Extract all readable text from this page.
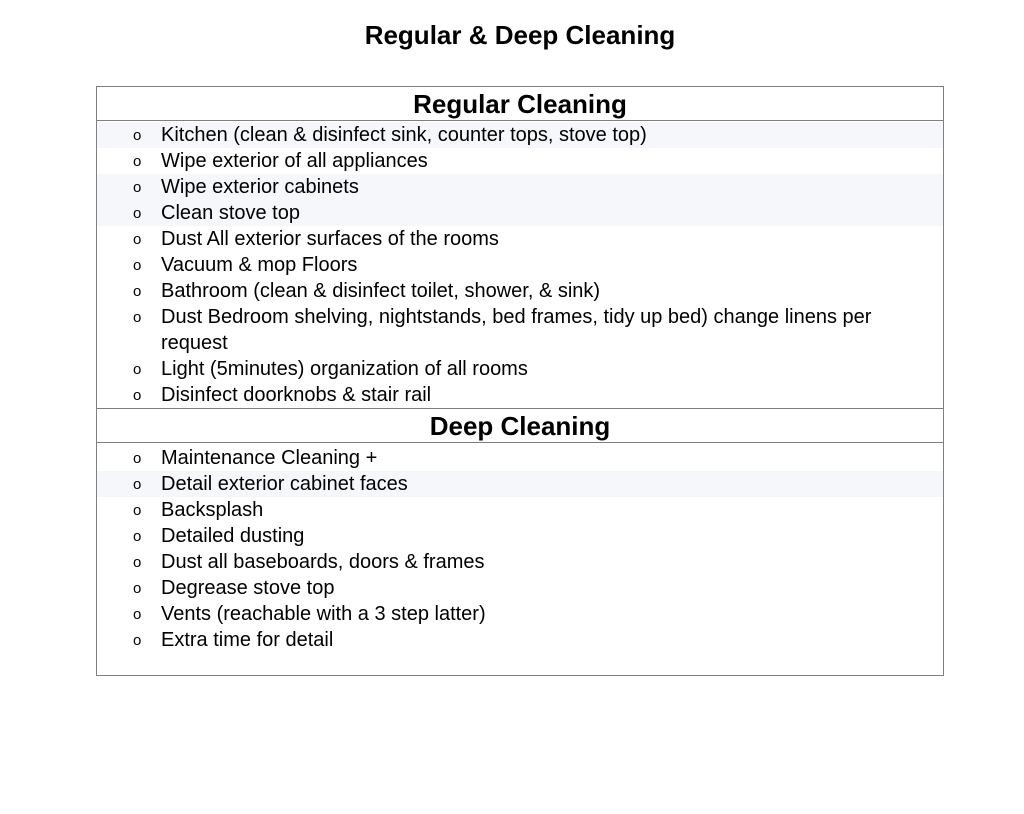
Regular & Deep Cleaning
Regular Cleaning
o Kitchen (clean & disinfect sink, counter tops, stove top)
o Wipe exterior of all appliances
o Wipe exterior cabinets
o Clean stove top
o Dust All exterior surfaces of the rooms
o Vacuum & mop Floors
o Bathroom (clean & disinfect toilet, shower, & sink)
o Dust Bedroom shelving, nightstands, bed frames, tidy up bed) change linens per request
o Light (5minutes) organization of all rooms
o Disinfect doorknobs & stair rail
Deep Cleaning
o Maintenance Cleaning +
o Detail exterior cabinet faces
o Backsplash
o Detailed dusting
o Dust all baseboards, doors & frames
o Degrease stove top
o Vents (reachable with a 3 step latter)
o Extra time for detail
